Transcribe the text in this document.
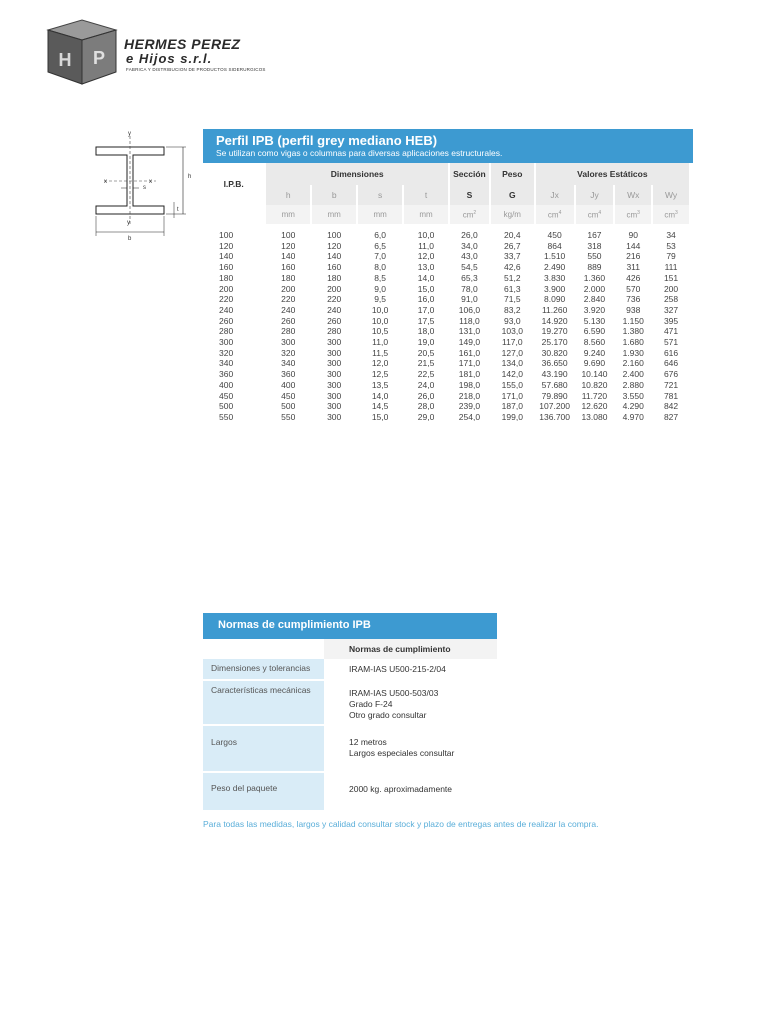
H P
HERMES PEREZ
e Hijos s.r.l.
FABRICA Y DISTRIBUCION DE PRODUCTOS SIDERURGICOS
y
y
x	x
s
h
t
b
Perfil IPB (perfil grey mediano HEB)
Se utilizan como vigas o columnas para diversas aplicaciones estructurales.
I.P.B.	Dimensiones				Sección	Peso	Valores Estáticos			
	h	b	s	t	S	G	Jx	Jy	Wx	Wy
	mm	mm	mm	mm	$cm^2$	kg/m	$cm^4$	$cm^4$	$cm^3$	$cm^3$

100	100	100	6,0	10,0	26,0	20,4	450	167	90	34
120	120	120	6,5	11,0	34,0	26,7	864	318	144	53
140	140	140	7,0	12,0	43,0	33,7	1.510	550	216	79
160	160	160	8,0	13,0	54,5	42,6	2.490	889	311	111
180	180	180	8,5	14,0	65,3	51,2	3.830	1.360	426	151
200	200	200	9,0	15,0	78,0	61,3	3.900	2.000	570	200
220	220	220	9,5	16,0	91,0	71,5	8.090	2.840	736	258
240	240	240	10,0	17,0	106,0	83,2	11.260	3.920	938	327
260	260	260	10,0	17,5	118,0	93,0	14.920	5.130	1.150	395
280	280	280	10,5	18,0	131,0	103,0	19.270	6.590	1.380	471
300	300	300	11,0	19,0	149,0	117,0	25.170	8.560	1.680	571
320	320	300	11,5	20,5	161,0	127,0	30.820	9.240	1.930	616
340	340	300	12,0	21,5	171,0	134,0	36.650	9.690	2.160	646
360	360	300	12,5	22,5	181,0	142,0	43.190	10.140	2.400	676
400	400	300	13,5	24,0	198,0	155,0	57.680	10.820	2.880	721
450	450	300	14,0	26,0	218,0	171,0	79.890	11.720	3.550	781
500	500	300	14,5	28,0	239,0	187,0	107.200	12.620	4.290	842
550	550	300	15,0	29,0	254,0	199,0	136.700	13.080	4.970	827
Normas de cumplimiento IPB
Normas de cumplimiento
Dimensiones y tolerancias	IRAM-IAS U500-215-2/04
Características mecánicas	IRAM-IAS U500-503/03
Grado F-24
Otro grado consultar
Largos	12 metros
Largos especiales consultar
Peso del paquete	2000 kg. aproximadamente
Para todas las medidas, largos y calidad consultar stock y plazo de entregas antes de realizar la compra.
